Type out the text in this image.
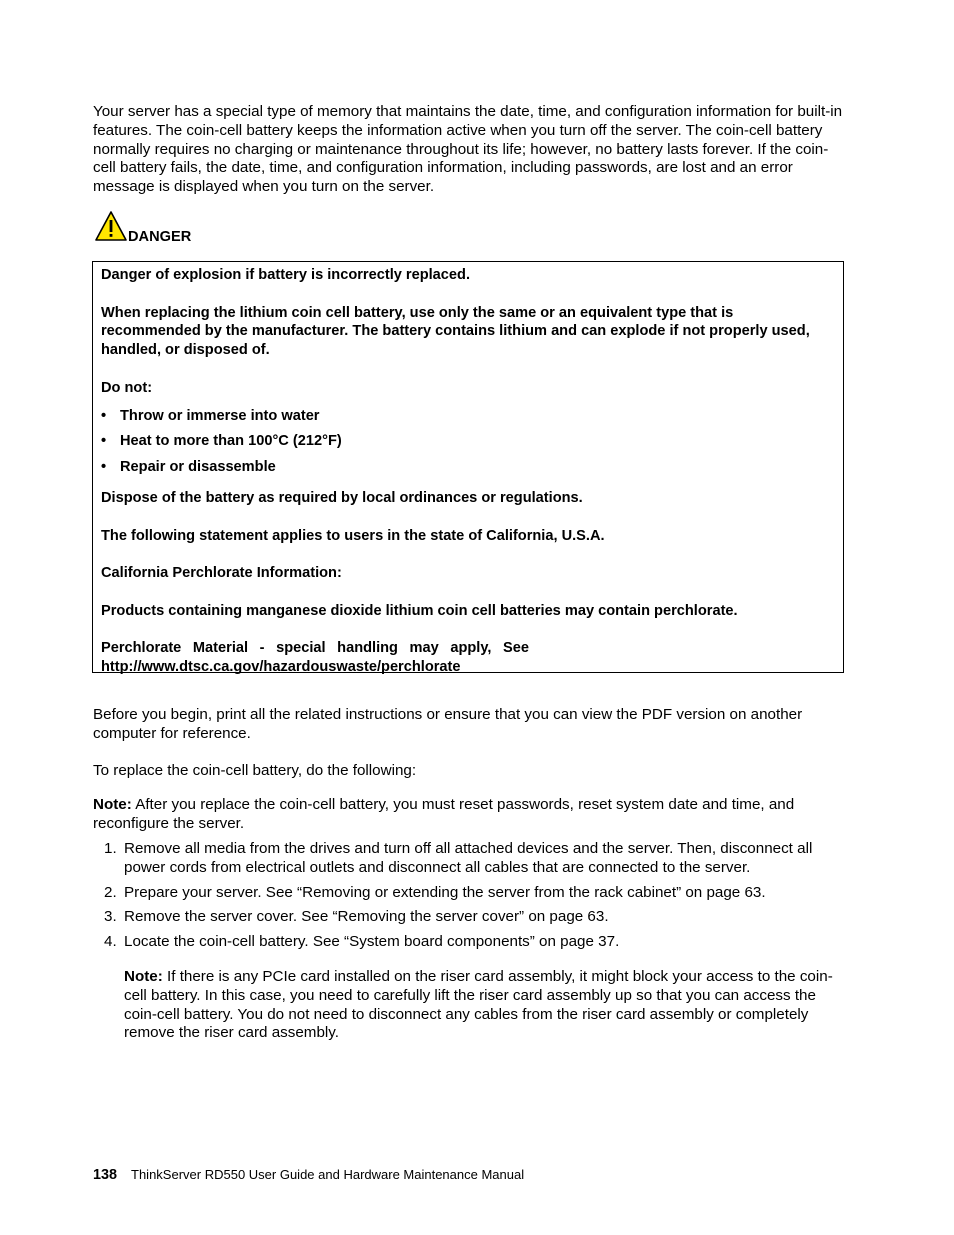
Your server has a special type of memory that maintains the date, time, and configuration information for built-in features. The coin-cell battery keeps the information active when you turn off the server. The coin-cell battery normally requires no charging or maintenance throughout its life; however, no battery lasts forever. If the coin-cell battery fails, the date, time, and configuration information, including passwords, are lost and an error message is displayed when you turn on the server.

DANGER

Danger of explosion if battery is incorrectly replaced.

When replacing the lithium coin cell battery, use only the same or an equivalent type that is recommended by the manufacturer. The battery contains lithium and can explode if not properly used, handled, or disposed of.

Do not:

• Throw or immerse into water
• Heat to more than 100°C (212°F)
• Repair or disassemble

Dispose of the battery as required by local ordinances or regulations.

The following statement applies to users in the state of California, U.S.A.

California Perchlorate Information:

Products containing manganese dioxide lithium coin cell batteries may contain perchlorate.

Perchlorate Material - special handling may apply, See

http://www.dtsc.ca.gov/hazardouswaste/perchlorate

Before you begin, print all the related instructions or ensure that you can view the PDF version on another computer for reference.

To replace the coin-cell battery, do the following:

Note: After you replace the coin-cell battery, you must reset passwords, reset system date and time, and reconfigure the server.

1. Remove all media from the drives and turn off all attached devices and the server. Then, disconnect all power cords from electrical outlets and disconnect all cables that are connected to the server.
2. Prepare your server. See “Removing or extending the server from the rack cabinet” on page 63.
3. Remove the server cover. See “Removing the server cover” on page 63.
4. Locate the coin-cell battery. See “System board components” on page 37.

Note: If there is any PCIe card installed on the riser card assembly, it might block your access to the coin-cell battery. In this case, you need to carefully lift the riser card assembly up so that you can access the coin-cell battery. You do not need to disconnect any cables from the riser card assembly or completely remove the riser card assembly.

138 ThinkServer RD550 User Guide and Hardware Maintenance Manual
